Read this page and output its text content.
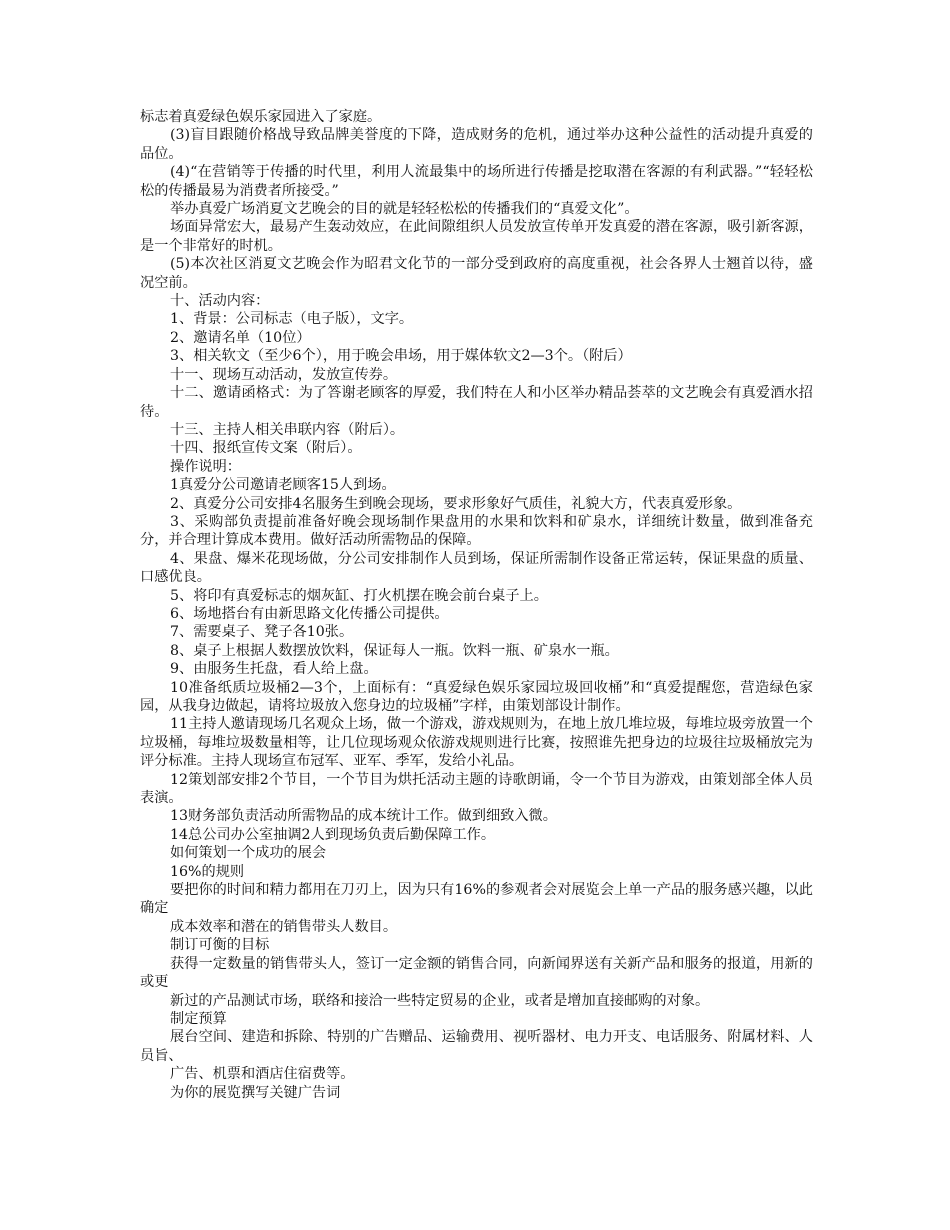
标志着真爱绿色娱乐家园进入了家庭。

(3)盲目跟随价格战导致品牌美誉度的下降，造成财务的危机，通过举办这种公益性的活动提升真爱的品位。

(4)“在营销等于传播的时代里，利用人流最集中的场所进行传播是挖取潜在客源的有利武器。”“轻轻松松的传播最易为消费者所接受。”

举办真爱广场消夏文艺晚会的目的就是轻轻松松的传播我们的“真爱文化”。

场面异常宏大，最易产生轰动效应，在此间隙组织人员发放宣传单开发真爱的潜在客源，吸引新客源，是一个非常好的时机。

(5)本次社区消夏文艺晚会作为昭君文化节的一部分受到政府的高度重视，社会各界人士翘首以待，盛况空前。

十、活动内容：

1、背景：公司标志（电子版），文字。

2、邀请名单（10位）

3、相关软文（至少6个），用于晚会串场，用于媒体软文2—3个。（附后）

十一、现场互动活动，发放宣传券。

十二、邀请函格式：为了答谢老顾客的厚爱，我们特在人和小区举办精品荟萃的文艺晚会有真爱酒水招待。

十三、主持人相关串联内容（附后）。

十四、报纸宣传文案（附后）。

操作说明：

1真爱分公司邀请老顾客15人到场。

2、真爱分公司安排4名服务生到晚会现场，要求形象好气质佳，礼貌大方，代表真爱形象。

3、采购部负责提前准备好晚会现场制作果盘用的水果和饮料和矿泉水，详细统计数量，做到准备充分，并合理计算成本费用。做好活动所需物品的保障。

4、果盘、爆米花现场做，分公司安排制作人员到场，保证所需制作设备正常运转，保证果盘的质量、口感优良。

5、将印有真爱标志的烟灰缸、打火机摆在晚会前台桌子上。

6、场地搭台有由新思路文化传播公司提供。

7、需要桌子、凳子各10张。

8、桌子上根据人数摆放饮料，保证每人一瓶。饮料一瓶、矿泉水一瓶。

9、由服务生托盘，看人给上盘。

10准备纸质垃圾桶2—3个，上面标有：“真爱绿色娱乐家园垃圾回收桶”和“真爱提醒您，营造绿色家园，从我身边做起，请将垃圾放入您身边的垃圾桶”字样，由策划部设计制作。

11主持人邀请现场几名观众上场，做一个游戏，游戏规则为，在地上放几堆垃圾，每堆垃圾旁放置一个垃圾桶，每堆垃圾数量相等，让几位现场观众依游戏规则进行比赛，按照谁先把身边的垃圾往垃圾桶放完为评分标准。主持人现场宣布冠军、亚军、季军，发给小礼品。

12策划部安排2个节目，一个节目为烘托活动主题的诗歌朗诵，令一个节目为游戏，由策划部全体人员表演。

13财务部负责活动所需物品的成本统计工作。做到细致入微。

14总公司办公室抽调2人到现场负责后勤保障工作。

如何策划一个成功的展会

16%的规则

要把你的时间和精力都用在刀刃上，因为只有16%的参观者会对展览会上单一产品的服务感兴趣，以此确定

成本效率和潜在的销售带头人数目。

制订可衡的目标

获得一定数量的销售带头人，签订一定金额的销售合同，向新闻界送有关新产品和服务的报道，用新的或更

新过的产品测试市场，联络和接洽一些特定贸易的企业，或者是增加直接邮购的对象。

制定预算

展台空间、建造和拆除、特别的广告赠品、运输费用、视听器材、电力开支、电话服务、附属材料、人员旨、

广告、机票和酒店住宿费等。

为你的展览撰写关键广告词
